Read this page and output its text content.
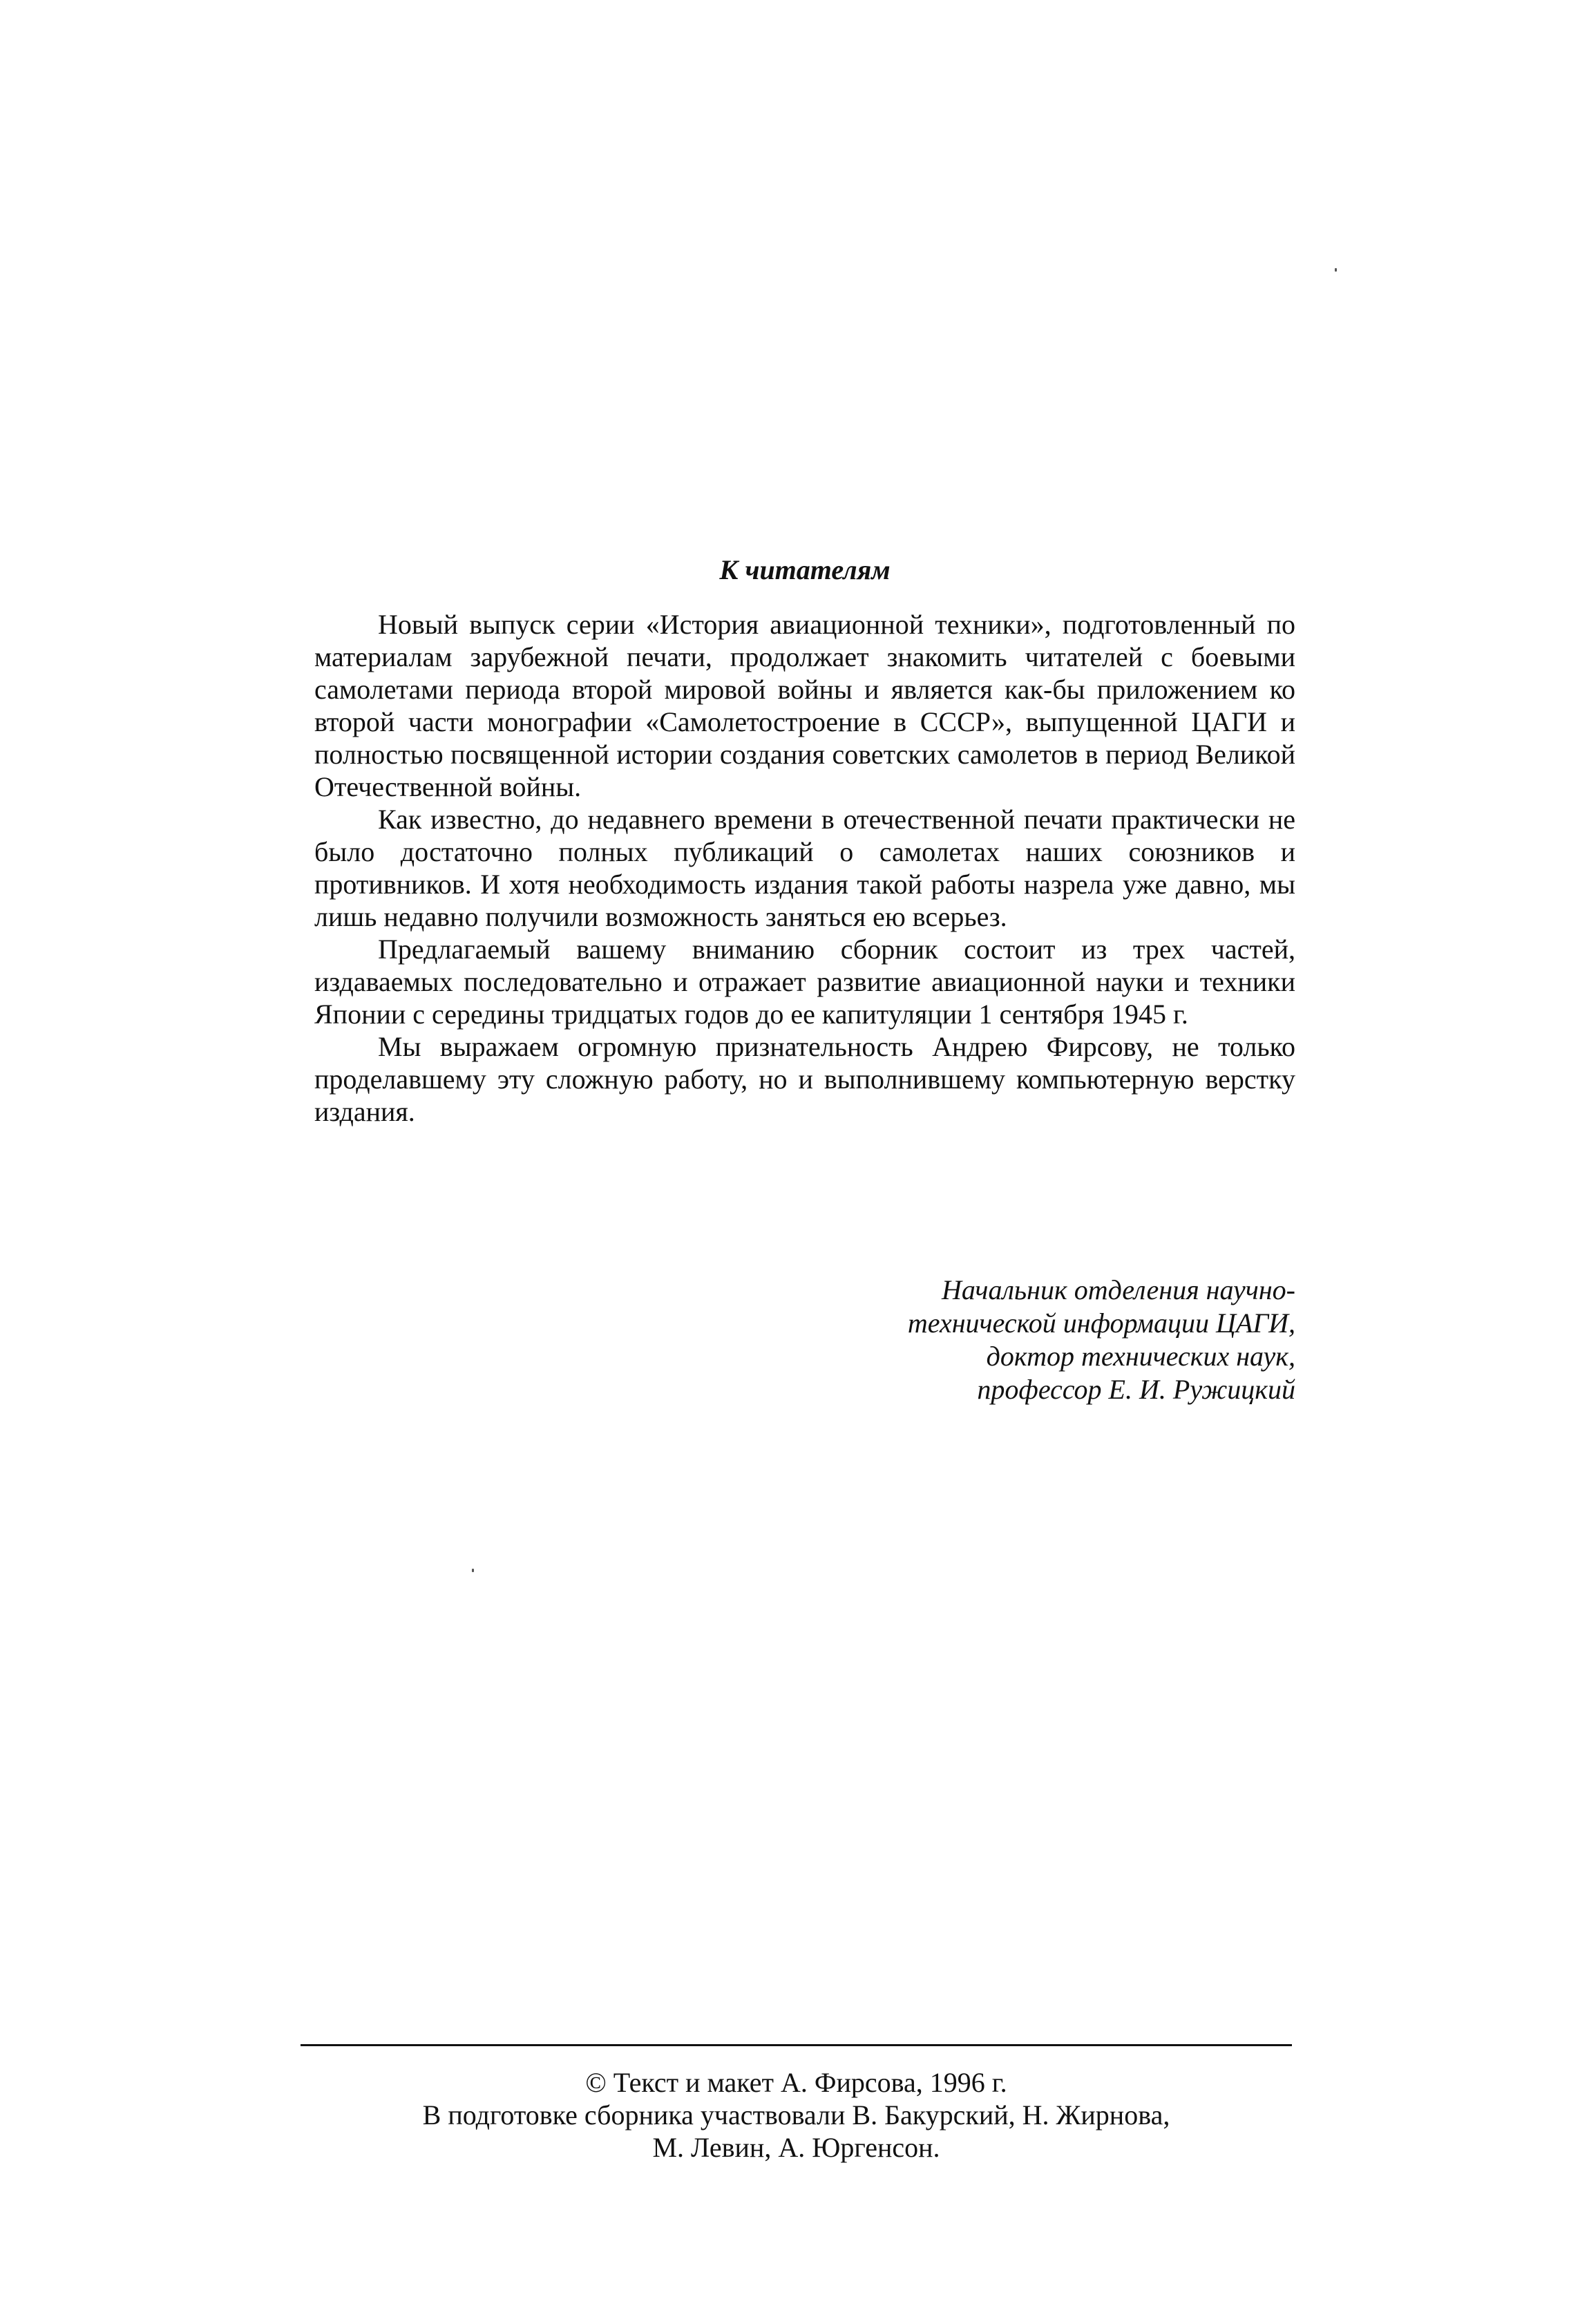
К читателям

Новый выпуск серии «История авиационной техники», подготовленный по материалам зарубежной печати, продолжает знакомить читателей с боевыми самолетами периода второй мировой войны и является как-бы приложением ко второй части монографии «Самолетостроение в СССР», выпущенной ЦАГИ и полностью посвященной истории создания советских самолетов в период Великой Отечественной войны.

Как известно, до недавнего времени в отечественной печати практически не было достаточно полных публикаций о самолетах наших союзников и противников. И хотя необходимость издания такой работы назрела уже давно, мы лишь недавно получили возможность заняться ею всерьез.

Предлагаемый вашему вниманию сборник состоит из трех частей, издаваемых последовательно и отражает развитие авиационной науки и техники Японии с середины тридцатых годов до ее капитуляции 1 сентября 1945 г.

Мы выражаем огромную признательность Андрею Фирсову, не только проделавшему эту сложную работу, но и выполнившему компьютерную верстку издания.

Начальник отделения научно-
технической информации ЦАГИ,
доктор технических наук,
профессор Е. И. Ружицкий
© Текст и макет А. Фирсова, 1996 г.
В подготовке сборника участвовали В. Бакурский, Н. Жирнова,
М. Левин, А. Юргенсон.
